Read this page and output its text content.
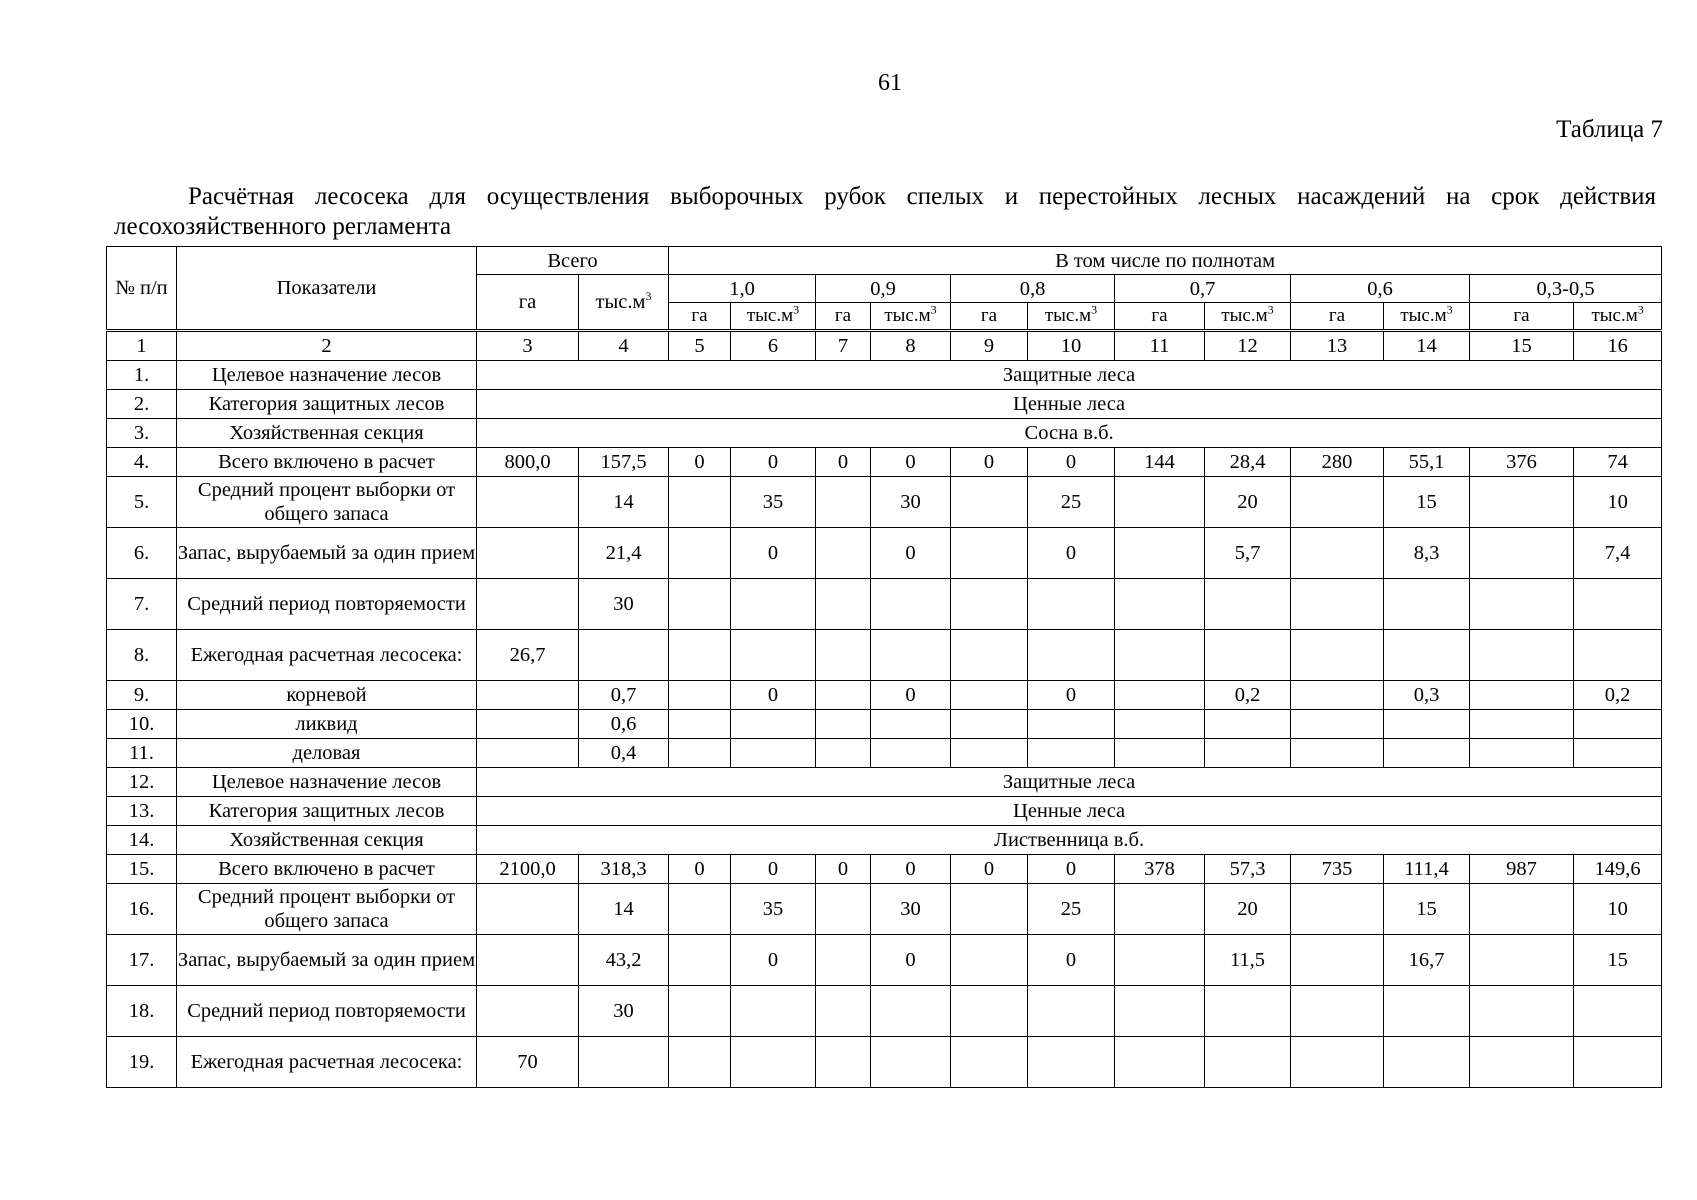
61
Таблица 7
Расчётная лесосека для осуществления выборочных рубок спелых и перестойных лесных насаждений на срок действия лесохозяйственного регламента
№ п/п	Показатели	Всего		В том числе по полнотам											
		га	$тыс.м^3$	1,0		0,9		0,8		0,7		0,6		0,3-0,5	
				га	$тыс.м^3$	га	$тыс.м^3$	га	$тыс.м^3$	га	$тыс.м^3$	га	$тыс.м^3$	га	$тыс.м^3$

1	2	3	4	5	6	7	8	9	10	11	12	13	14	15	16
1.	Целевое назначение лесов	Защитные леса													
2.	Категория защитных лесов	Ценные леса													
3.	Хозяйственная секция	Сосна в.б.													
4.	Всего включено в расчет	800,0	157,5	0	0	0	0	0	0	144	28,4	280	55,1	376	74
5.	Средний процент выборки от общего запаса		14		35		30		25		20		15		10
6.	Запас, вырубаемый за один прием		21,4		0		0		0		5,7		8,3		7,4
7.	Средний период повторяемости		30												
8.	Ежегодная расчетная лесосека:	26,7													
9.	корневой		0,7		0		0		0		0,2		0,3		0,2
10.	ликвид		0,6												
11.	деловая		0,4												
12.	Целевое назначение лесов	Защитные леса													
13.	Категория защитных лесов	Ценные леса													
14.	Хозяйственная секция	Лиственница в.б.													
15.	Всего включено в расчет	2100,0	318,3	0	0	0	0	0	0	378	57,3	735	111,4	987	149,6
16.	Средний процент выборки от общего запаса		14		35		30		25		20		15		10
17.	Запас, вырубаемый за один прием		43,2		0		0		0		11,5		16,7		15
18.	Средний период повторяемости		30												
19.	Ежегодная расчетная лесосека:	70													
